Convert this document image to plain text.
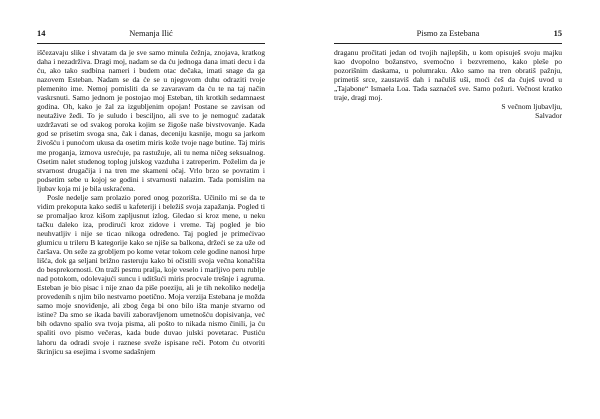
14	Nemanja Ilić

iščezavaju slike i shvatam da je sve samo minula čežnja, znojava, kratkog daha i nezadrživa. Dragi moj, nadam se da ću jednoga dana imati decu i da ću, ako tako sudbina nameri i budem otac dečaka, imati snage da ga nazovem Esteban. Nadam se da će se u njegovom duhu odraziti tvoje plemenito ime. Nemoj pomisliti da se zavaravam da ću te na taj način vaskrsnuti. Samo jednom je postojao moj Esteban, tih krotkih sedamnaest godina. Oh, kako je žal za izgubljenim opojan! Postane se zavisan od neutažive žeđi. To je suludo i besciljno, ali sve to je nemoguć zadatak uzdržavati se od svakog poroka kojim se žigoše naše bivstvovanje. Kada god se prisetim svoga sna, čak i danas, deceniju kasnije, mogu sa jarkom živošću i punoćom ukusa da osetim miris kože tvoje nage butine. Taj miris me proganja, izmova usrećuje, pa rastužuje, ali tu nema ničeg seksualnog. Osetim nalet studenog toplog julskog vazduha i zatreperim. Poželim da je stvarnost drugačija i na tren me skameni očaj. Vrlo brzo se povratim i podsetim sebe u kojoj se godini i stvarnosti nalazim. Tada pomislim na ljubav koja mi je bila uskraćena.

Posle nedelje sam prolazio pored onog pozorišta. Učinilo mi se da te vidim prekoputa kako sediš u kafeteriji i beležiš svoja zapažanja. Pogled ti se promaljao kroz kišom zapljusnut izlog. Gledao si kroz mene, u neku tačku daleko iza, prodirući kroz zidove i vreme. Taj pogled je bio neuhvatljiv i nije se ticao nikoga određeno. Taj pogled je primećivao glumicu u trileru B kategorije kako se njiše sa balkona, držeći se za uže od čaršava. On seže za grobljem po kome vetar tokom cele godine nanosi hrpe lišća, dok ga seljani brižno rasteruju kako bi očistili svoja večna konačišta do besprekornosti. On traži pesmu pralja, koje veselo i marljivo peru rublje nad potokom, odolevajući suncu i uditšući miris procvale trešnje i agruma. Esteban je bio pisac i nije znao da piše poeziju, ali je tih nekoliko nedelja provedenih s njim bilo nestvarno poetično. Moja verzija Estebana je možda samo moje snoviđenje, ali zbog čega bi ono bilo išta manje stvarno od istine? Da smo se ikada bavili zaboravljenom umetnošću dopisivanja, već bih odavno spalio sva tvoja pisma, ali pošto to nikada nismo činili, ja ću spaliti ovo pismo večeras, kada bude duvao julski povetarac. Pustiću lahoru da odradi svoje i raznese sveže ispisane reči. Potom ću otvoriti škrinjicu sa esejima i svome sadašnjem

Pismo za Estebana	15

draganu pročitati jedan od tvojih najlepših, u kom opisuješ svoju majku kao dvopolno božanstvo, svemoćno i bezvremeno, kako pleše po pozorišnim daskama, u polumraku. Ako samo na tren obratiš pažnju, primetiš srce, zaustaviš dah i načuliš uši, moći ćeš da čuješ uvod u „Tajabone“ Ismaela Loa. Tada saznaćeš sve. Samo požuri. Večnost kratko traje, dragi moj.

S večnom ljubavlju,

Salvador
